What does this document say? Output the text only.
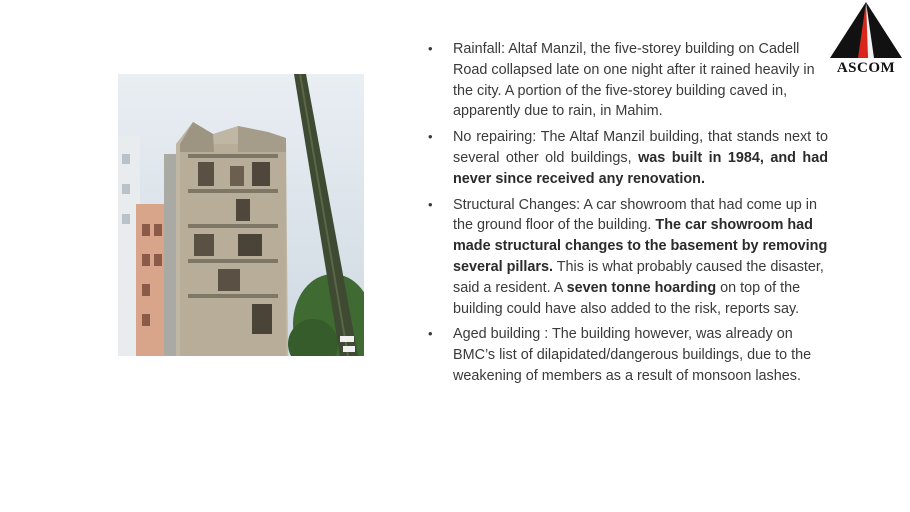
ASCOM
• Rainfall: Altaf Manzil, the five-storey building on Cadell Road collapsed late on one night after it rained heavily in the city. A portion of the five-storey building caved in, apparently due to rain, in Mahim.
• No repairing: The Altaf Manzil building, that stands next to several other old buildings, was built in 1984, and had never since received any renovation.
• Structural Changes: A car showroom that had come up in the ground floor of the building. The car showroom had made structural changes to the basement by removing several pillars. This is what probably caused the disaster, said a resident. A seven tonne hoarding on top of the building could have also added to the risk, reports say.
• Aged building : The building however, was already on BMC’s list of dilapidated/dangerous buildings, due to the weakening of members as a result of monsoon lashes.
